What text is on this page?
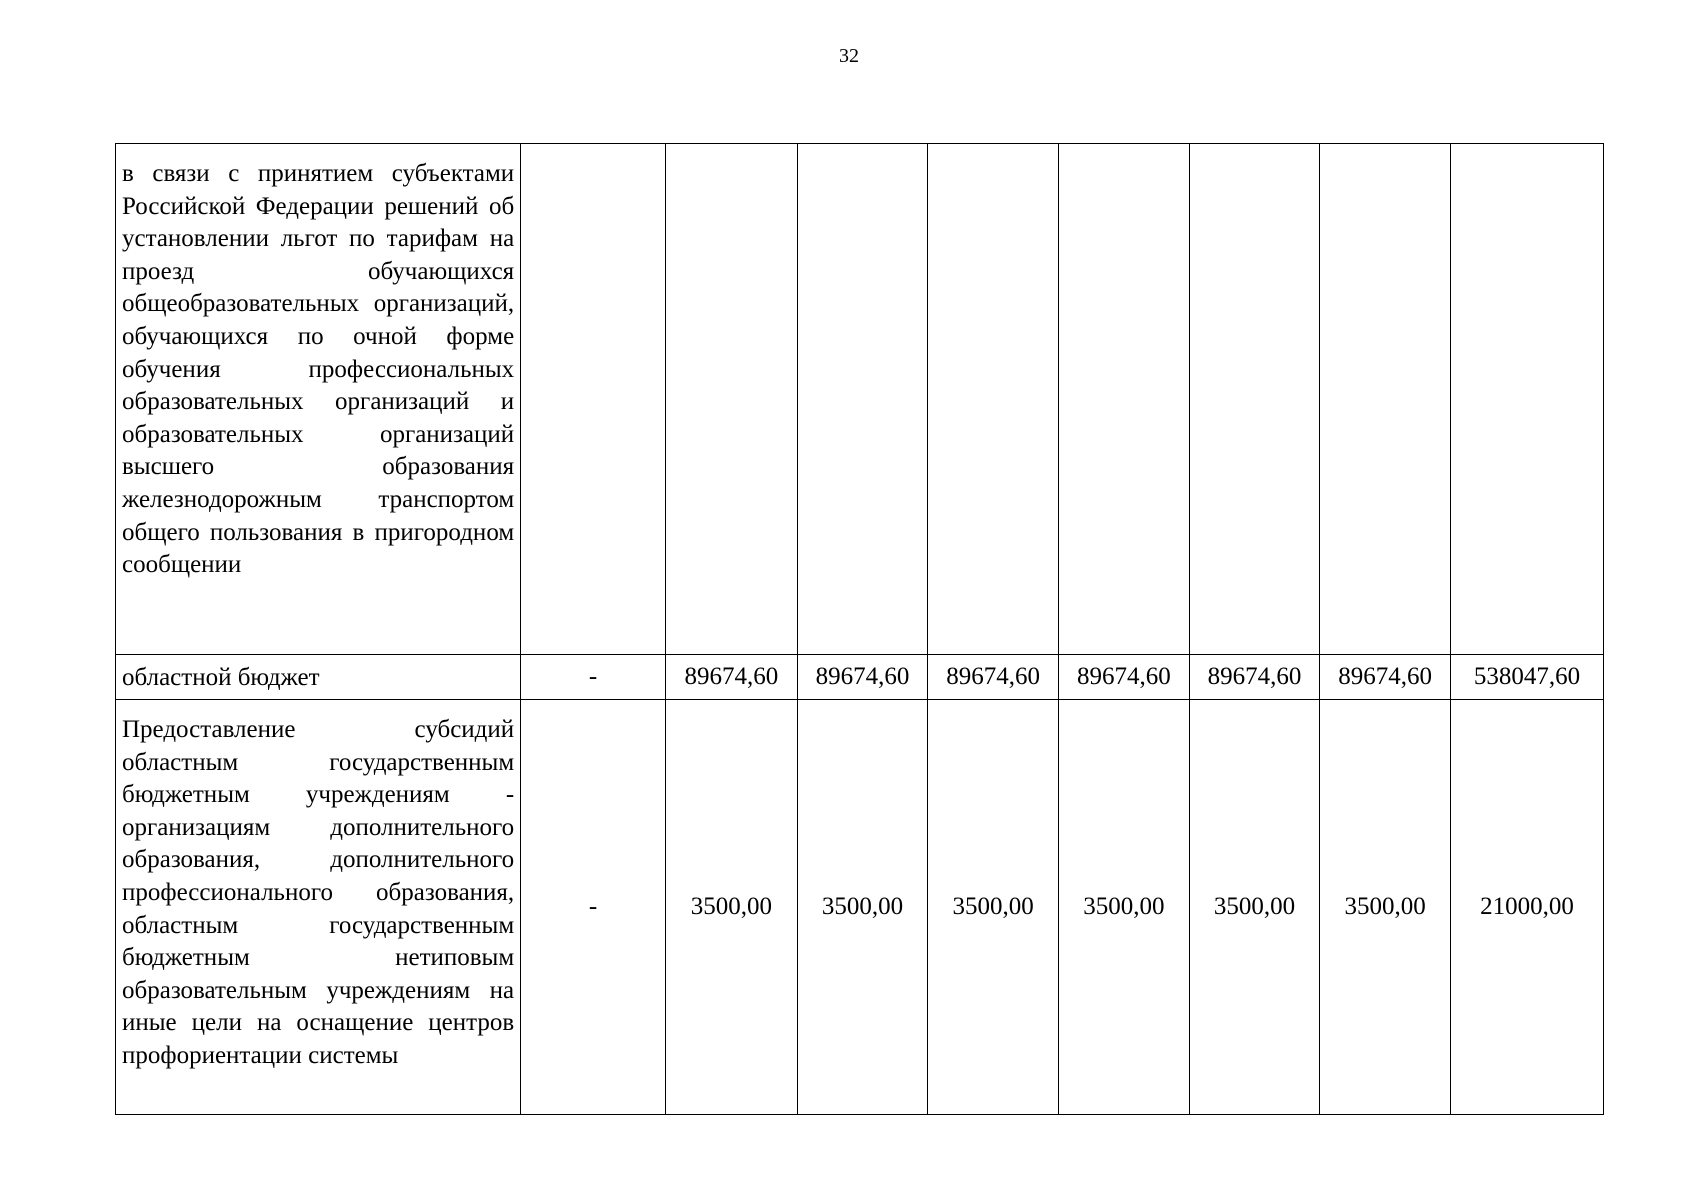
32
в связи с принятием субъектами Российской Федерации решений об установлении льгот по тарифам на проезд обучающихся общеобразовательных организаций, обучающихся по очной форме обучения профессиональных образовательных организаций и образовательных организаций высшего образования железнодорожным транспортом общего пользования в пригородном сообщении								
областной бюджет	-	89674,60	89674,60	89674,60	89674,60	89674,60	89674,60	538047,60
Предоставление субсидий областным государственным бюджетным учреждениям - организациям дополнительного образования, дополнительного профессионального образования, областным государственным бюджетным нетиповым образовательным учреждениям на иные цели на оснащение центров профориентации системы	-	3500,00	3500,00	3500,00	3500,00	3500,00	3500,00	21000,00
